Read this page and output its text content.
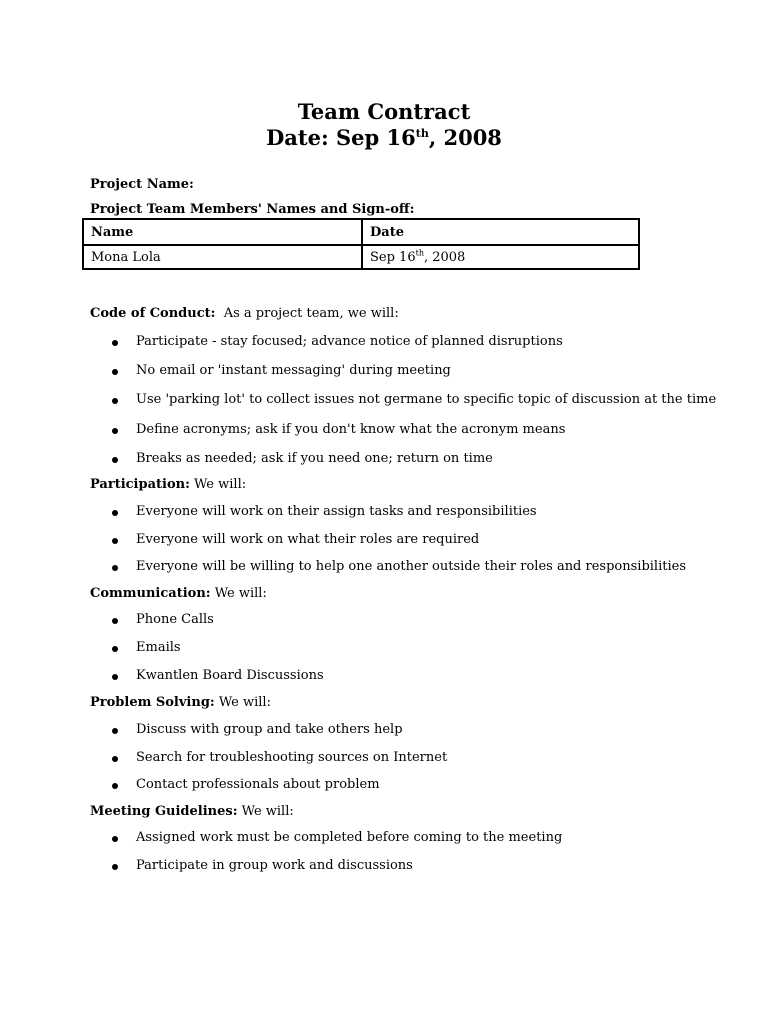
Team Contract
Date: Sep 16th, 2008
Project Name:
Project Team Members' Names and Sign-off:
Name	Date
Mona Lola	Sep 16th, 2008
Code of Conduct:  As a project team, we will:
Participate - stay focused; advance notice of planned disruptions
No email or 'instant messaging' during meeting
Use 'parking lot' to collect issues not germane to specific topic of discussion at the time
Define acronyms; ask if you don't know what the acronym means
Breaks as needed; ask if you need one; return on time
Participation: We will:
Everyone will work on their assign tasks and responsibilities
Everyone will work on what their roles are required
Everyone will be willing to help one another outside their roles and responsibilities
Communication: We will:
Phone Calls
Emails
Kwantlen Board Discussions
Problem Solving: We will:
Discuss with group and take others help
Search for troubleshooting sources on Internet
Contact professionals about problem
Meeting Guidelines: We will:
Assigned work must be completed before coming to the meeting
Participate in group work and discussions
